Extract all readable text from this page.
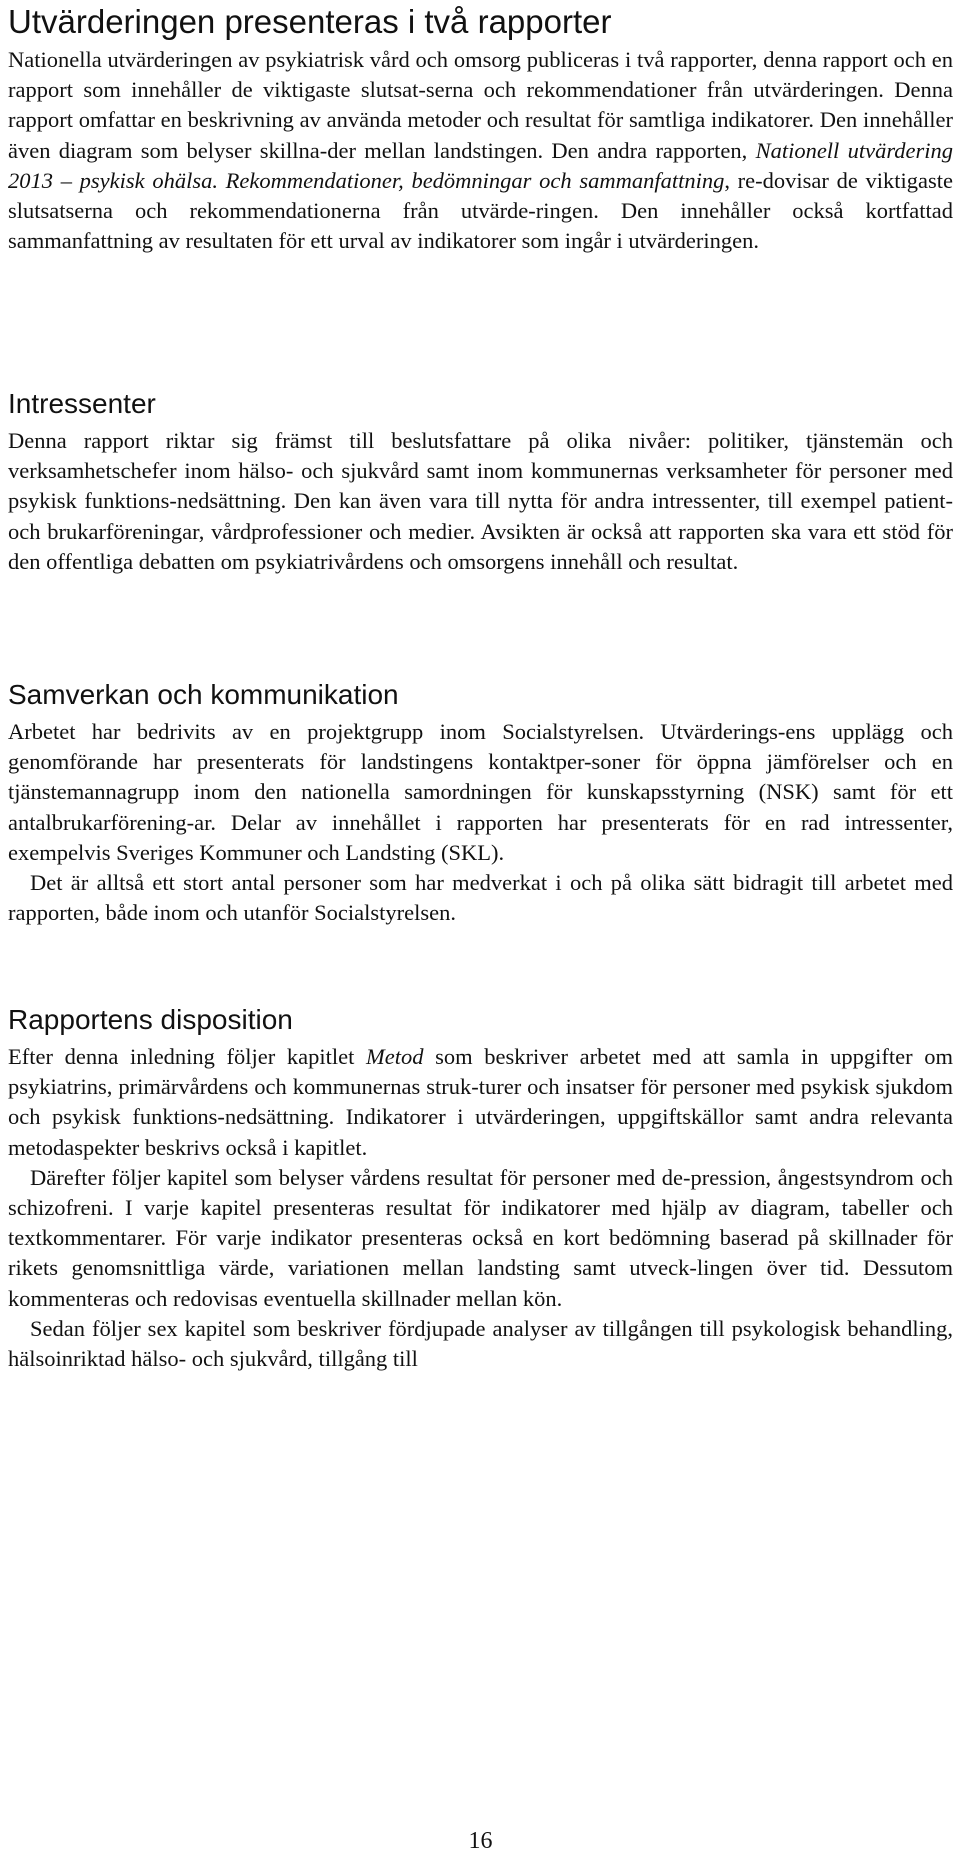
Utvärderingen presenteras i två rapporter

Nationella utvärderingen av psykiatrisk vård och omsorg publiceras i två rapporter, denna rapport och en rapport som innehåller de viktigaste slutsat-serna och rekommendationer från utvärderingen. Denna rapport omfattar en beskrivning av använda metoder och resultat för samtliga indikatorer. Den innehåller även diagram som belyser skillna-der mellan landstingen. Den andra rapporten, Nationell utvärdering 2013 – psykisk ohälsa. Rekommendationer, bedömningar och sammanfattning, re-dovisar de viktigaste slutsatserna och rekommendationerna från utvärde-ringen. Den innehåller också kortfattad sammanfattning av resultaten för ett urval av indikatorer som ingår i utvärderingen.

Intressenter

Denna rapport riktar sig främst till beslutsfattare på olika nivåer: politiker, tjänstemän och verksamhetschefer inom hälso- och sjukvård samt inom kommunernas verksamheter för personer med psykisk funktions-nedsättning. Den kan även vara till nytta för andra intressenter, till exempel patient- och brukarföreningar, vårdprofessioner och medier. Avsikten är också att rapporten ska vara ett stöd för den offentliga debatten om psykiatrivårdens och omsorgens innehåll och resultat.

Samverkan och kommunikation

Arbetet har bedrivits av en projektgrupp inom Socialstyrelsen. Utvärderings-ens upplägg och genomförande har presenterats för landstingens kontaktper-soner för öppna jämförelser och en tjänstemannagrupp inom den nationella samordningen för kunskapsstyrning (NSK) samt för ett antalbrukarförening-ar. Delar av innehållet i rapporten har presenterats för en rad intressenter, exempelvis Sveriges Kommuner och Landsting (SKL).

Det är alltså ett stort antal personer som har medverkat i och på olika sätt bidragit till arbetet med rapporten, både inom och utanför Socialstyrelsen.

Rapportens disposition

Efter denna inledning följer kapitlet Metod som beskriver arbetet med att samla in uppgifter om psykiatrins, primärvårdens och kommunernas struk-turer och insatser för personer med psykisk sjukdom och psykisk funktions-nedsättning. Indikatorer i utvärderingen, uppgiftskällor samt andra relevanta metodaspekter beskrivs också i kapitlet.

Därefter följer kapitel som belyser vårdens resultat för personer med de-pression, ångestsyndrom och schizofreni. I varje kapitel presenteras resultat för indikatorer med hjälp av diagram, tabeller och textkommentarer. För varje indikator presenteras också en kort bedömning baserad på skillnader för rikets genomsnittliga värde, variationen mellan landsting samt utveck-lingen över tid. Dessutom kommenteras och redovisas eventuella skillnader mellan kön.

Sedan följer sex kapitel som beskriver fördjupade analyser av tillgången till psykologisk behandling, hälsoinriktad hälso- och sjukvård, tillgång till

16
